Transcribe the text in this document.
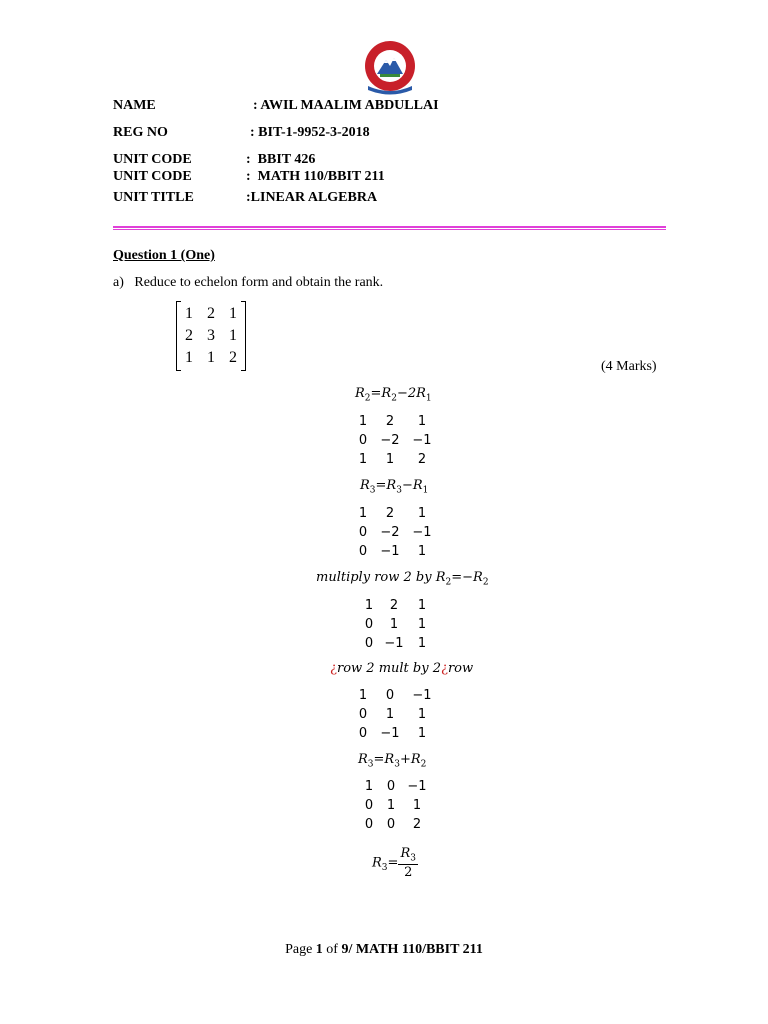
NAME	: AWIL MAALIM ABDULLAI
REG NO	: BIT-1-9952-3-2018
UNIT CODE	:  BBIT 426
UNIT CODE	:  MATH 110/BBIT 211
UNIT TITLE	:LINEAR ALGEBRA
Question 1 (One)
a)   Reduce to echelon form and obtain the rank.
1 2 1
2 3 1
1 1 2
(4 Marks)
$R_2=R_2-2R_1$
1 2 1
0 −2 −1
1 1 2
$R_3=R_3-R_1$
1 2 1
0 −2 −1
0 −1 1
multiply row 2 by $R_2=-R_2$
1 2 1
0 1 1
0 −1 1
¿row 2 mult by 2¿row
1 0 −1
0 1 1
0 −1 1
$R_3=R_3+R_2$
1 0 −1
0 1 1
0 0 2
$R_3= \frac{R_3}{2}$
Page 1 of 9/ MATH 110/BBIT 211
